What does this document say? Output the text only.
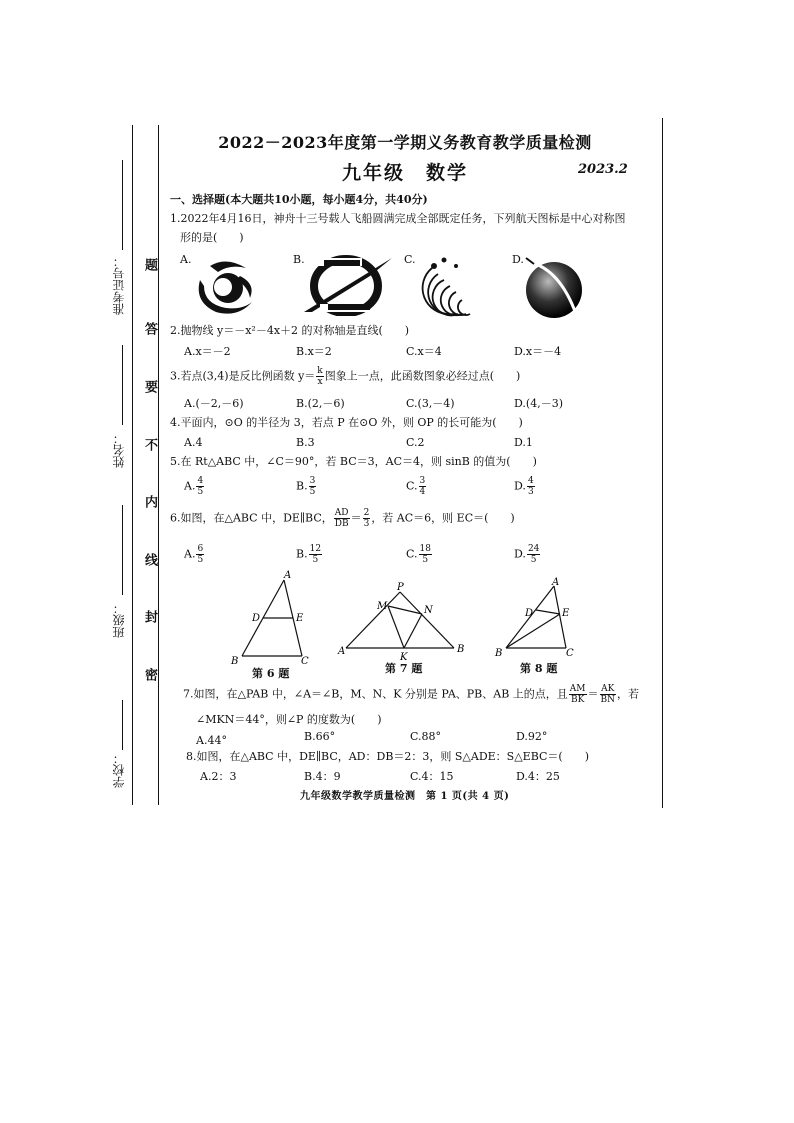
题
答
要
不
内
线
封
密
学校：
班级：
姓名：
准考证号：
2022－2023年度第一学期义务教育教学质量检测
九年级　数学	2023.2
一、选择题(本大题共10小题，每小题4分，共40分)
1.2022年4月16日，神舟十三号载人飞船圆满完成全部既定任务，下列航天图标是中心对称图
形的是(　　)
A.	B.	C.	D.
2.抛物线 y＝－x²－4x＋2 的对称轴是直线(　　)
A.x＝－2	B.x＝2	C.x＝4	D.x＝－4
3.若点(3,4)是反比例函数 $y= \frac{k}{x}$ 图象上一点，此函数图象必经过点(　　)
A.(－2,－6)	B.(2,－6)	C.(3,－4)	D.(4,－3)
4.平面内，⊙O 的半径为 3，若点 P 在⊙O 外，则 OP 的长可能为(　　)
A.4	B.3	C.2	D.1
5.在 Rt△ABC 中，∠C＝90°，若 BC＝3，AC＝4，则 sinB 的值为(　　)
A. $\frac{4}{5}$	B. $\frac{3}{5}$	C. $\frac{3}{4}$	D. $\frac{4}{3}$
6.如图，在△ABC 中，DE∥BC， $\frac{AD}{DB} = \frac{2}{3}$ ，若 AC＝6，则 EC＝(　　)
A. $\frac{6}{5}$	B. $\frac{12}{5}$	C. $\frac{18}{5}$	D. $\frac{24}{5}$
A
D	E
B	C
第 6 题
P
M	N
A
K
B
第 7 题
A
D	E
B	C
第 8 题
7.如图，在△PAB 中，∠A＝∠B，M、N、K 分别是 PA、PB、AB 上的点，且 $\frac{AM}{BK} = \frac{AK}{BN}$ ，若
∠MKN＝44°，则∠P 的度数为(　　)
A.44°	B.66°	C.88°	D.92°
8.如图，在△ABC 中，DE∥BC，AD：DB＝2：3，则 S△ADE：S△EBC＝(　　)
A.2：3	B.4：9	C.4：15	D.4：25
九年级数学教学质量检测　第 1 页(共 4 页)
